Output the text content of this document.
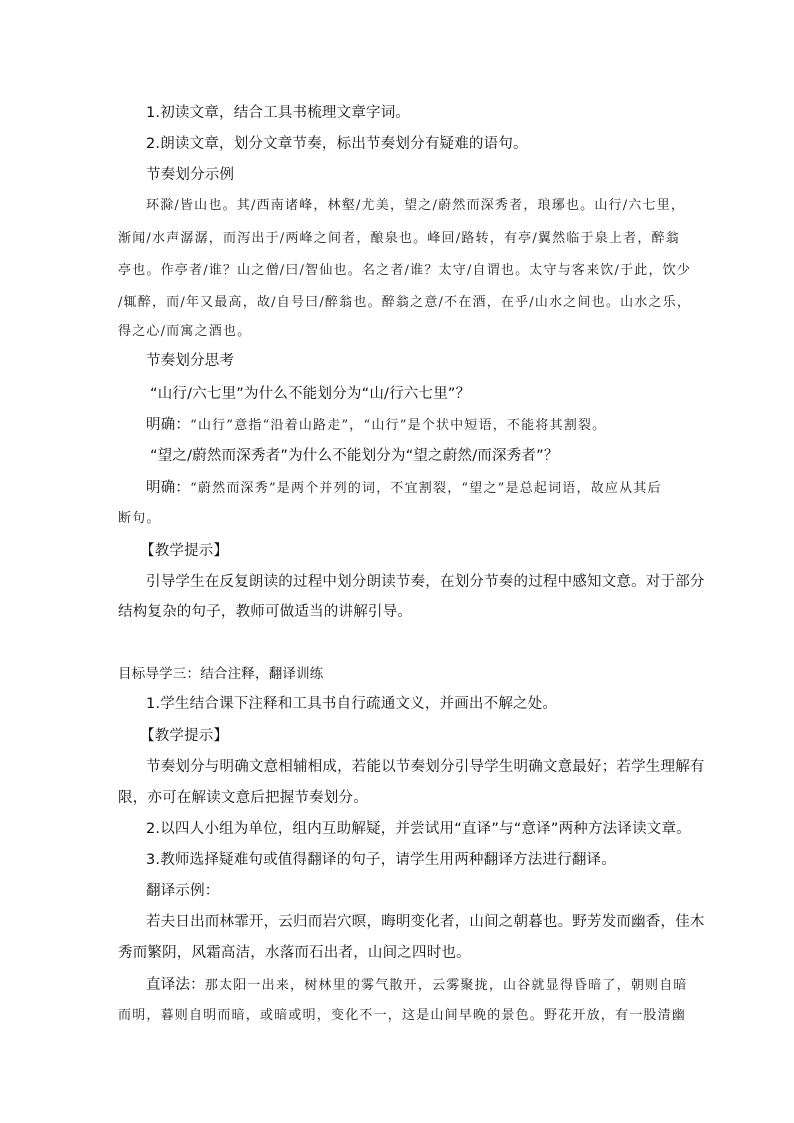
1.初读文章，结合工具书梳理文章字词。
2.朗读文章，划分文章节奏，标出节奏划分有疑难的语句。
节奏划分示例
环滁/皆山也。其/西南诸峰，林壑/尤美，望之/蔚然而深秀者，琅琊也。山行/六七里，
渐闻/水声潺潺，而泻出于/两峰之间者，酿泉也。峰回/路转，有亭/翼然临于泉上者，醉翁
亭也。作亭者/谁？山之僧/曰/智仙也。名之者/谁？太守/自谓也。太守与客来饮/于此，饮少
/辄醉，而/年又最高，故/自号曰/醉翁也。醉翁之意/不在酒，在乎/山水之间也。山水之乐，
得之心/而寓之酒也。
节奏划分思考
“山行/六七里”为什么不能划分为“山/行六七里”？
明确：“山行”意指“沿着山路走”，“山行”是个状中短语，不能将其割裂。
“望之/蔚然而深秀者”为什么不能划分为“望之蔚然/而深秀者”？
明确：“蔚然而深秀”是两个并列的词，不宜割裂，“望之”是总起词语，故应从其后
断句。
【教学提示】
引导学生在反复朗读的过程中划分朗读节奏，在划分节奏的过程中感知文意。对于部分
结构复杂的句子，教师可做适当的讲解引导。
目标导学三：结合注释，翻译训练
1.学生结合课下注释和工具书自行疏通文义，并画出不解之处。
【教学提示】
节奏划分与明确文意相辅相成，若能以节奏划分引导学生明确文意最好；若学生理解有
限，亦可在解读文意后把握节奏划分。
2.以四人小组为单位，组内互助解疑，并尝试用“直译”与“意译”两种方法译读文章。
3.教师选择疑难句或值得翻译的句子，请学生用两种翻译方法进行翻译。
翻译示例：
若夫日出而林霏开，云归而岩穴暝，晦明变化者，山间之朝暮也。野芳发而幽香，佳木
秀而繁阴，风霜高洁，水落而石出者，山间之四时也。
直译法：那太阳一出来，树林里的雾气散开，云雾聚拢，山谷就显得昏暗了，朝则自暗
而明，暮则自明而暗，或暗或明，变化不一，这是山间早晚的景色。野花开放，有一股清幽
